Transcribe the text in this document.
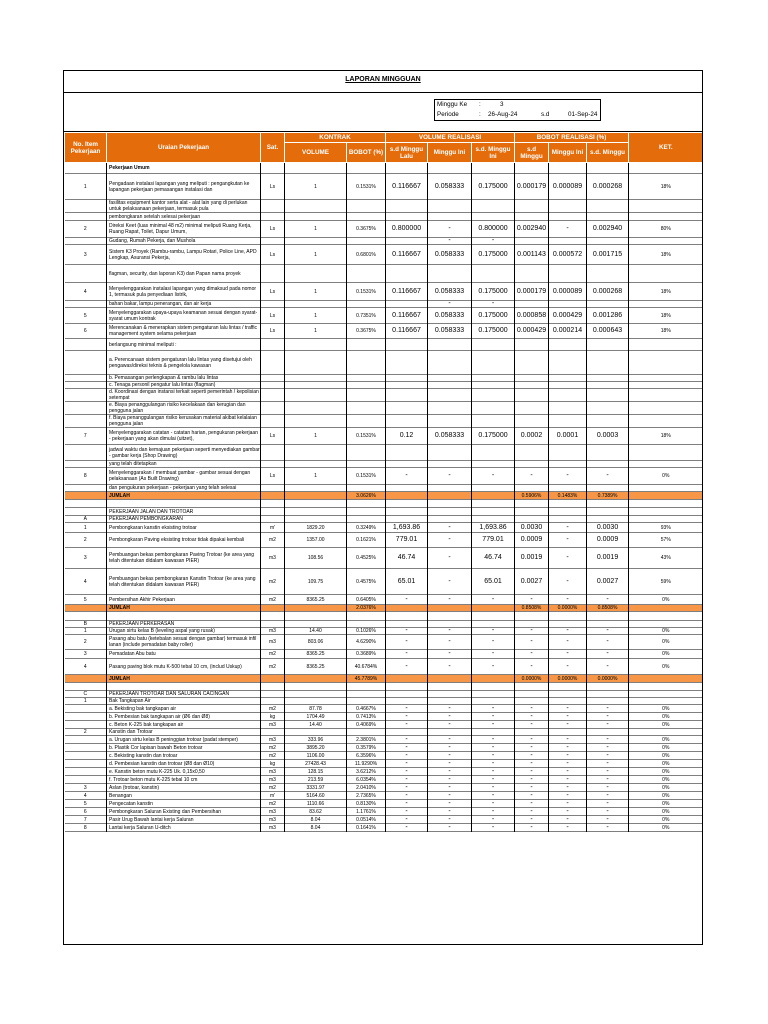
LAPORAN MINGGUAN
Minggu Ke :	3
Periode	: 26-Aug-24	s.d	01-Sep-24
No. Item Pekerjaan	Uraian Pekerjaan	Sat.	KONTRAK		VOLUME REALISASI			BOBOT REALISASI (%)			KET.
			VOLUME	BOBOT (%)	s.d Minggu Lalu	Minggu Ini	s.d. Minggu Ini	s.d Minggu	Minggu Ini	s.d. Minggu	

	Pekerjaan Umum										
1	Pengadaan instalasi lapangan yang meliputi : pengangkutan ke lapangan pekerjaan pemasangan instalasi dan	Ls	1	0.1531%	0.116667	0.058333	0.175000	0.000179	0.000089	0.000268	18%
	fasilitas equipment kantor serta alat - alat lain yang di perlukan untuk pelaksanaan pekerjaan, termasuk pula										
	pembongkaran setelah selesai pekerjaan										
2	Direksi Keet (luas minimal 48 m2) minimal meliputi Ruang Kerja, Ruang Rapat, Toilet, Dapur Umum,	Ls	1	0.3675%	0.800000	-	0.800000	0.002940	-	0.002940	80%
	Gudang, Rumah Pekerja, dan Mushola					-	-				
3	Sistem K3 Proyek (Rambu-rambu, Lampu Rotari, Police Line, APD Lengkap, Asuransi Pekerja,	Ls	1	0.6801%	0.116667	0.058333	0.175000	0.001143	0.000572	0.001715	18%
	flagman, security, dan laporan K3) dan Papan nama proyek										
4	Menyelenggarakan instalasi lapangan yang dimaksud pada nomor 1, termasuk pula penyediaan listrik,	Ls	1	0.1531%	0.116667	0.058333	0.175000	0.000179	0.000089	0.000268	18%
	bahan bakar, lampu penerangan, dan air kerja					-	-				
5	Menyelenggarakan upaya-upaya keamanan sesuai dengan syarat-syarat umum kontrak	Ls	1	0.7351%	0.116667	0.058333	0.175000	0.000858	0.000429	0.001286	18%
6	Merencanakan & menerapkan sistem pengaturan lalu lintas / traffic management system selama pekerjaan	Ls	1	0.3675%	0.116667	0.058333	0.175000	0.000429	0.000214	0.000643	18%
	berlangsung minimal meliputi :										
	a. Perencanaan sistem pengaturan lalu lintas yang disetujui oleh pengawas/direksi teknis & pengelola kawasan										
	b. Pemasangan perlengkapan & rambu lalu lintas										
	c. Tenaga personil pengatur lalu lintas (flagman)										
	d. Koordinasi dengan instansi terkait seperti pemerintah / kepolisian setempat										
	e. Biaya penanggulangan risiko kecelakaan dan kerugian dan pengguna jalan										
	f. Biaya penanggulangan risiko kerusakan material akibat kelalaian pengguna jalan										
7	Menyelenggarakan catatan - catatan harian, pengukuran pekerjaan - pekerjaan yang akan dimulai (uitzet),	Ls	1	0.1531%	0.12	0.058333	0.175000	0.0002	0.0001	0.0003	18%
	jadwal waktu dan kemajuan pekerjaan seperti menyediakan gambar - gambar kerja (Shop Drawing)										
	yang telah ditetapkan										
8	Menyelenggarakan / membuat gambar - gambar sesuai dengan pelaksanaan (As Built Drawing)	Ls	1	0.1531%	-	-	-	-	-	-	0%
	dan pengukuran pekerjaan - pekerjaan yang telah selesai										
	JUMLAH			3.0626%				0.5906%	0.1483%	0.7389%	

	PEKERJAAN JALAN DAN TROTOAR										
A	PEKERJAAN PEMBONGKARAN										
1	Pembongkaran kanstin eksisting trotoar	m'	1829.20	0.3249%	1,693.86	-	1,693.86	0.0030	-	0.0030	93%
2	Pembongkaran Paving eksisting trotoar tidak dipakai kembali	m2	1357.00	0.1621%	779.01	-	779.01	0.0009	-	0.0009	57%
3	Pembuangan bekas pembongkaran Paving Trotoar (ke area yang telah ditentukan didalam kawasan PIER)	m3	108.56	0.4525%	46.74	-	46.74	0.0019	-	0.0019	43%
4	Pembuangan bekas pembongkaran Kanstin Trotoar (ke area yang telah ditentukan didalam kawasan PIER)	m2	109.75	0.4575%	65.01	-	65.01	0.0027	-	0.0027	59%
5	Pembersihan Akhir Pekerjaan	m2	8365.25	0.6405%	-	-	-	-	-	-	0%
	JUMLAH			2.0376%				0.8508%	0.0000%	0.8508%	

B	PEKERJAAN PERKERASAN										
1	Urugan sirtu kelas B (leveling aspal yang rusak)	m3	14.40	0.1026%	-	-	-	-	-	-	0%
2	Pasang abu batu (ketebalan sesuai dengan gambar) termasuk infil lanan (include pemadatan baby roller)	m3	803.06	4.6290%	-	-	-	-	-	-	0%
3	Pemadatan Abu batu	m2	8365.25	0.3689%	-	-	-	-	-	-	0%
4	Pasang paving blok mutu K-500 tebal 10 cm, (includ Uskup)	m2	8365.25	40.6784%	-	-	-	-	-	-	0%
	JUMLAH			45.7789%				0.0000%	0.0000%	0.0000%	

C	PEKERJAAN TROTOAR DAN SALURAN CACINGAN										
1	Bak Tangkapan Air										
	a. Bekisting bak tangkapan air	m2	87.78	0.4667%	-	-	-	-	-	-	0%
	b. Pembesian bak tangkapan air (Ø6 dan Ø8)	kg	1704.49	0.7413%	-	-	-	-	-	-	0%
	c. Beton K-225 bak tangkapan air	m3	14.40	0.4069%	-	-	-	-	-	-	0%
2	Kanstin dan Trotoar										
	a. Urugan sirtu kelas B peninggian trotoar (padat stemper)	m3	333.96	2.3801%	-	-	-	-	-	-	0%
	b. Plastik Cor lapisan bawah Beton trotoar	m2	3895.20	0.3579%	-	-	-	-	-	-	0%
	c. Bekisting kanstin dan trotoar	m2	1106.00	6.3596%	-	-	-	-	-	-	0%
	d. Pembesian kanstin dan trotoar (Ø8 dan Ø10)	kg	27428.43	11.9290%	-	-	-	-	-	-	0%
	e. Kanstin beton mutu K-225 Uk. 0,15x0,50	m3	128.15	3.6212%	-	-	-	-	-	-	0%
	f. Trotoar beton mutu K-225 tebal 10 cm	m3	213.59	6.0354%	-	-	-	-	-	-	0%
3	Aslan (trotoar, kanstin)	m2	3331.97	2.0410%	-	-	-	-	-	-	0%
4	Benangan	m'	5164.60	2.7365%	-	-	-	-	-	-	0%
5	Pengecatan kanstin	m2	1110.66	0.8130%	-	-	-	-	-	-	0%
6	Pembongkaran Saluran Existing dan Pembersihan	m3	83.62	1.1761%	-	-	-	-	-	-	0%
7	Pasir Urug Bawah lantai kerja Saluran	m3	8.04	0.0514%	-	-	-	-	-	-	0%
8	Lantai kerja Saluran U-ditch	m3	8.04	0.1641%	-	-	-	-	-	-	0%
